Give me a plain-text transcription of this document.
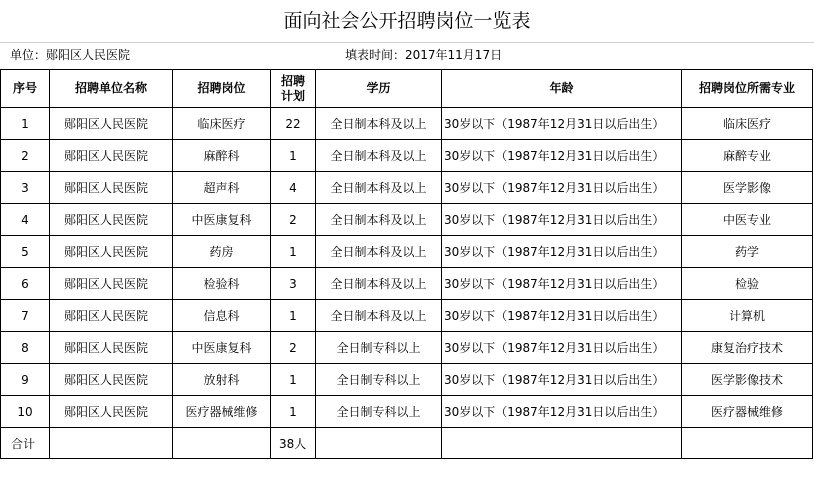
面向社会公开招聘岗位一览表
单位：郧阳区人民医院	填表时间：2017年11月17日
序号	招聘单位名称	招聘岗位	招聘计划	学历	年龄	招聘岗位所需专业
1	郧阳区人民医院	临床医疗	22	全日制本科及以上	30岁以下（1987年12月31日以后出生）	临床医疗
2	郧阳区人民医院	麻醉科	1	全日制本科及以上	30岁以下（1987年12月31日以后出生）	麻醉专业
3	郧阳区人民医院	超声科	4	全日制本科及以上	30岁以下（1987年12月31日以后出生）	医学影像
4	郧阳区人民医院	中医康复科	2	全日制本科及以上	30岁以下（1987年12月31日以后出生）	中医专业
5	郧阳区人民医院	药房	1	全日制本科及以上	30岁以下（1987年12月31日以后出生）	药学
6	郧阳区人民医院	检验科	3	全日制本科及以上	30岁以下（1987年12月31日以后出生）	检验
7	郧阳区人民医院	信息科	1	全日制本科及以上	30岁以下（1987年12月31日以后出生）	计算机
8	郧阳区人民医院	中医康复科	2	全日制专科以上	30岁以下（1987年12月31日以后出生）	康复治疗技术
9	郧阳区人民医院	放射科	1	全日制专科以上	30岁以下（1987年12月31日以后出生）	医学影像技术
10	郧阳区人民医院	医疗器械维修	1	全日制专科以上	30岁以下（1987年12月31日以后出生）	医疗器械维修
合计			38人			
